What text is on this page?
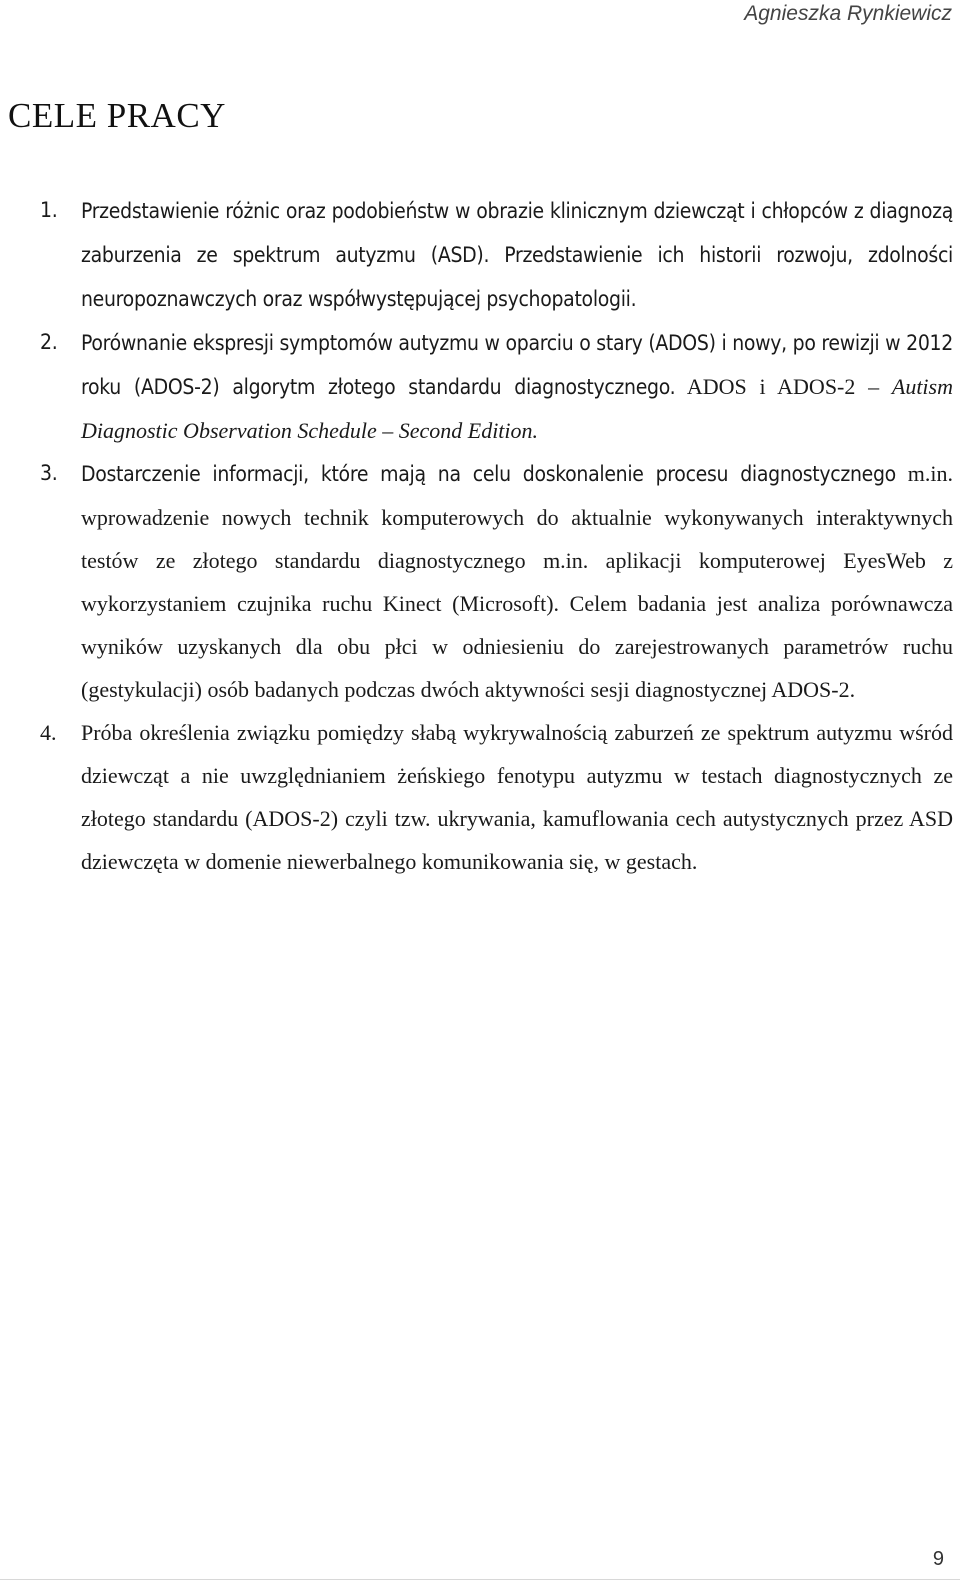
Agnieszka Rynkiewicz
CELE PRACY
1. Przedstawienie różnic oraz podobieństw w obrazie klinicznym dziewcząt i chłopców z diagnozą zaburzenia ze spektrum autyzmu (ASD). Przedstawienie ich historii rozwoju, zdolności neuropoznawczych oraz współwystępującej psychopatologii.
2. Porównanie ekspresji symptomów autyzmu w oparciu o stary (ADOS) i nowy, po rewizji w 2012 roku (ADOS-2) algorytm złotego standardu diagnostycznego. ADOS i ADOS-2 – Autism Diagnostic Observation Schedule – Second Edition.
3. Dostarczenie informacji, które mają na celu doskonalenie procesu diagnostycznego m.in. wprowadzenie nowych technik komputerowych do aktualnie wykonywanych interaktywnych testów ze złotego standardu diagnostycznego m.in. aplikacji komputerowej EyesWeb z wykorzystaniem czujnika ruchu Kinect (Microsoft). Celem badania jest analiza porównawcza wyników uzyskanych dla obu płci w odniesieniu do zarejestrowanych parametrów ruchu (gestykulacji) osób badanych podczas dwóch aktywności sesji diagnostycznej ADOS-2.
4. Próba określenia związku pomiędzy słabą wykrywalnością zaburzeń ze spektrum autyzmu wśród dziewcząt a nie uwzględnianiem żeńskiego fenotypu autyzmu w testach diagnostycznych ze złotego standardu (ADOS-2) czyli tzw. ukrywania, kamuflowania cech autystycznych przez ASD dziewczęta w domenie niewerbalnego komunikowania się, w gestach.
9
